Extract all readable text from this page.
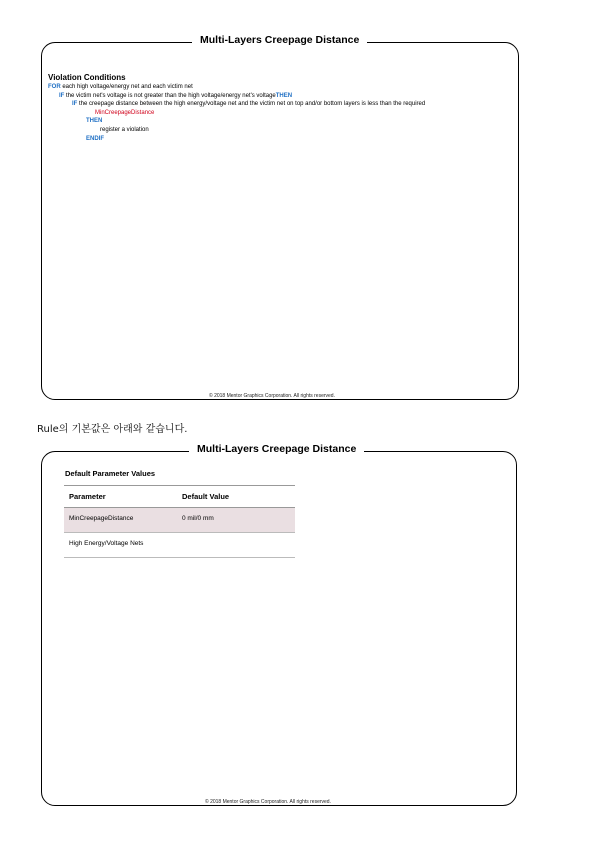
Multi-Layers Creepage Distance
Violation Conditions
FOR each high voltage/energy net and each victim net
IF the victim net's voltage is not greater than the high voltage/energy net's voltageTHEN
IF the creepage distance between the high energy/voltage net and the victim net on top and/or bottom layers is less than the required
MinCreepageDistance
THEN
register a violation
ENDIF
© 2018 Mentor Graphics Corporation. All rights reserved.
Rule의 기본값은 아래와 같습니다.
Multi-Layers Creepage Distance
Default Parameter Values
Parameter	Default Value
MinCreepageDistance	0 mil/0 mm
High Energy/Voltage Nets	
© 2018 Mentor Graphics Corporation. All rights reserved.
